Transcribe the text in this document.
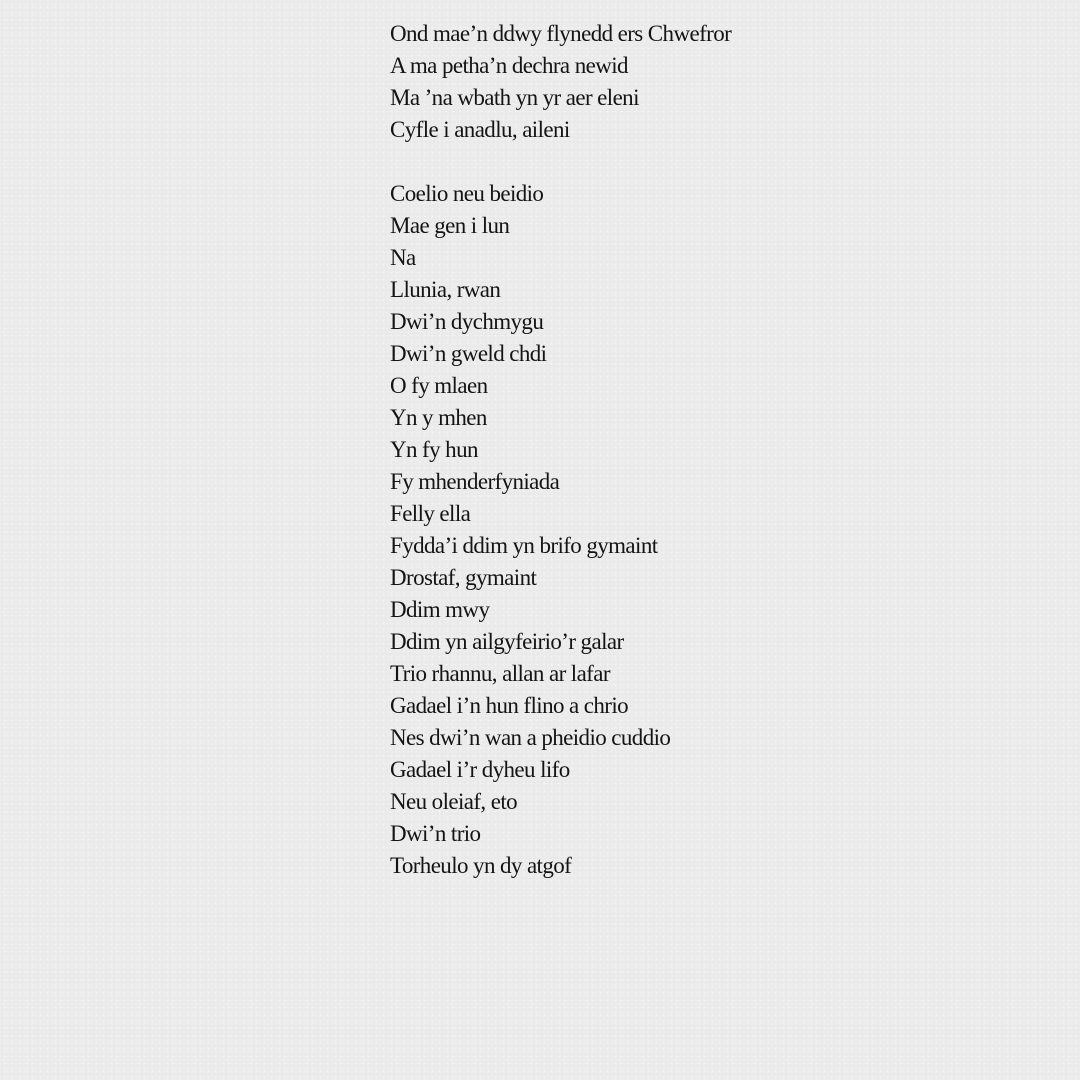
Ond mae’n ddwy flynedd ers Chwefror
A ma petha’n dechra newid
Ma ’na wbath yn yr aer eleni
Cyfle i anadlu, aileni
Coelio neu beidio
Mae gen i lun
Na
Llunia, rwan
Dwi’n dychmygu
Dwi’n gweld chdi
O fy mlaen
Yn y mhen
Yn fy hun
Fy mhenderfyniada
Felly ella
Fydda’i ddim yn brifo gymaint
Drostaf, gymaint
Ddim mwy
Ddim yn ailgyfeirio’r galar
Trio rhannu, allan ar lafar
Gadael i’n hun flino a chrio
Nes dwi’n wan a pheidio cuddio
Gadael i’r dyheu lifo
Neu oleiaf, eto
Dwi’n trio
Torheulo yn dy atgof
